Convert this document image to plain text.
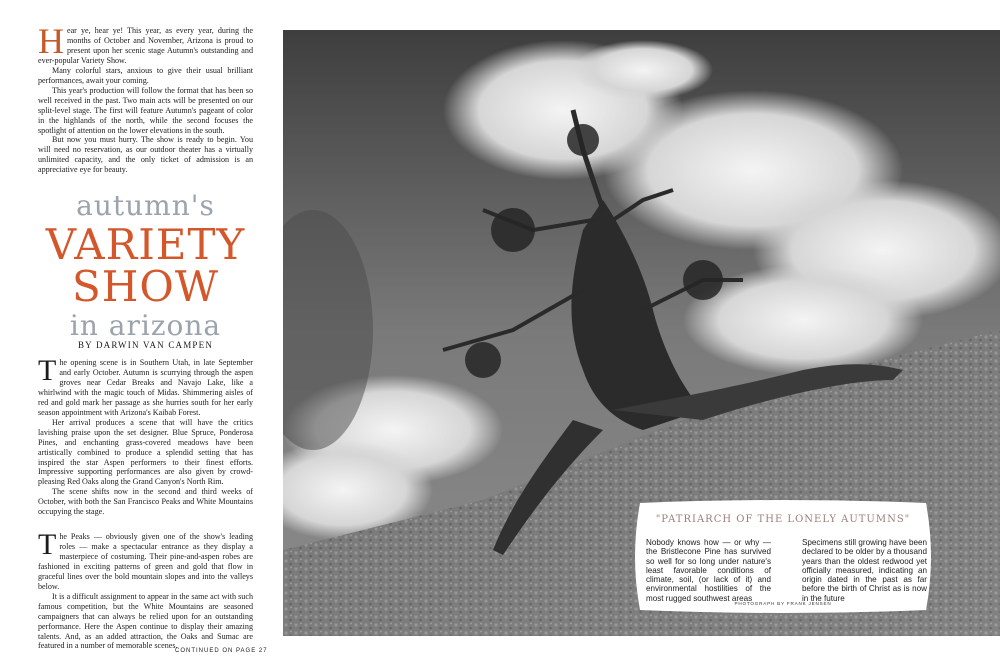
H ear ye, hear ye! This year, as every year, during the months of October and November, Arizona is proud to present upon her scenic stage Autumn's outstanding and ever-popular Variety Show.

Many colorful stars, anxious to give their usual brilliant performances, await your coming.

This year's production will follow the format that has been so well received in the past. Two main acts will be presented on our split-level stage. The first will feature Autumn's pageant of color in the highlands of the north, while the second focuses the spotlight of attention on the lower elevations in the south.

But now you must hurry. The show is ready to begin. You will need no reservation, as our outdoor theater has a virtually unlimited capacity, and the only ticket of admission is an appreciative eye for beauty.

autumn's
VARIETY
SHOW
in arizona
BY DARWIN VAN CAMPEN
T he opening scene is in Southern Utah, in late September and early October. Autumn is scurrying through the aspen groves near Cedar Breaks and Navajo Lake, like a whirlwind with the magic touch of Midas. Shimmering aisles of red and gold mark her passage as she hurries south for her early season appointment with Arizona's Kaibab Forest.

Her arrival produces a scene that will have the critics lavishing praise upon the set designer. Blue Spruce, Ponderosa Pines, and enchanting grass-covered meadows have been artistically combined to produce a splendid setting that has inspired the star Aspen performers to their finest efforts. Impressive supporting performances are also given by crowd-pleasing Red Oaks along the Grand Canyon's North Rim.

The scene shifts now in the second and third weeks of October, with both the San Francisco Peaks and White Mountains occupying the stage.

T he Peaks — obviously given one of the show's leading roles — make a spectacular entrance as they display a masterpiece of costuming. Their pine-and-aspen robes are fashioned in exciting patterns of green and gold that flow in graceful lines over the bold mountain slopes and into the valleys below.

It is a difficult assignment to appear in the same act with such famous competition, but the White Mountains are seasoned campaigners that can always be relied upon for an outstanding performance. Here the Aspen continue to display their amazing talents. And, as an added attraction, the Oaks and Sumac are featured in a number of memorable scenes.

CONTINUED ON PAGE 27
"PATRIARCH OF THE LONELY AUTUMNS"
Nobody knows how — or why — the Bristlecone Pine has survived so well for so long under nature's least favorable conditions of climate, soil, (or lack of it) and environmental hostilities of the most rugged southwest areas
Specimens still growing have been declared to be older by a thousand years than the oldest redwood yet officially measured, indicating an origin dated in the past as far before the birth of Christ as is now in the future
PHOTOGRAPH BY FRANK JENSEN
